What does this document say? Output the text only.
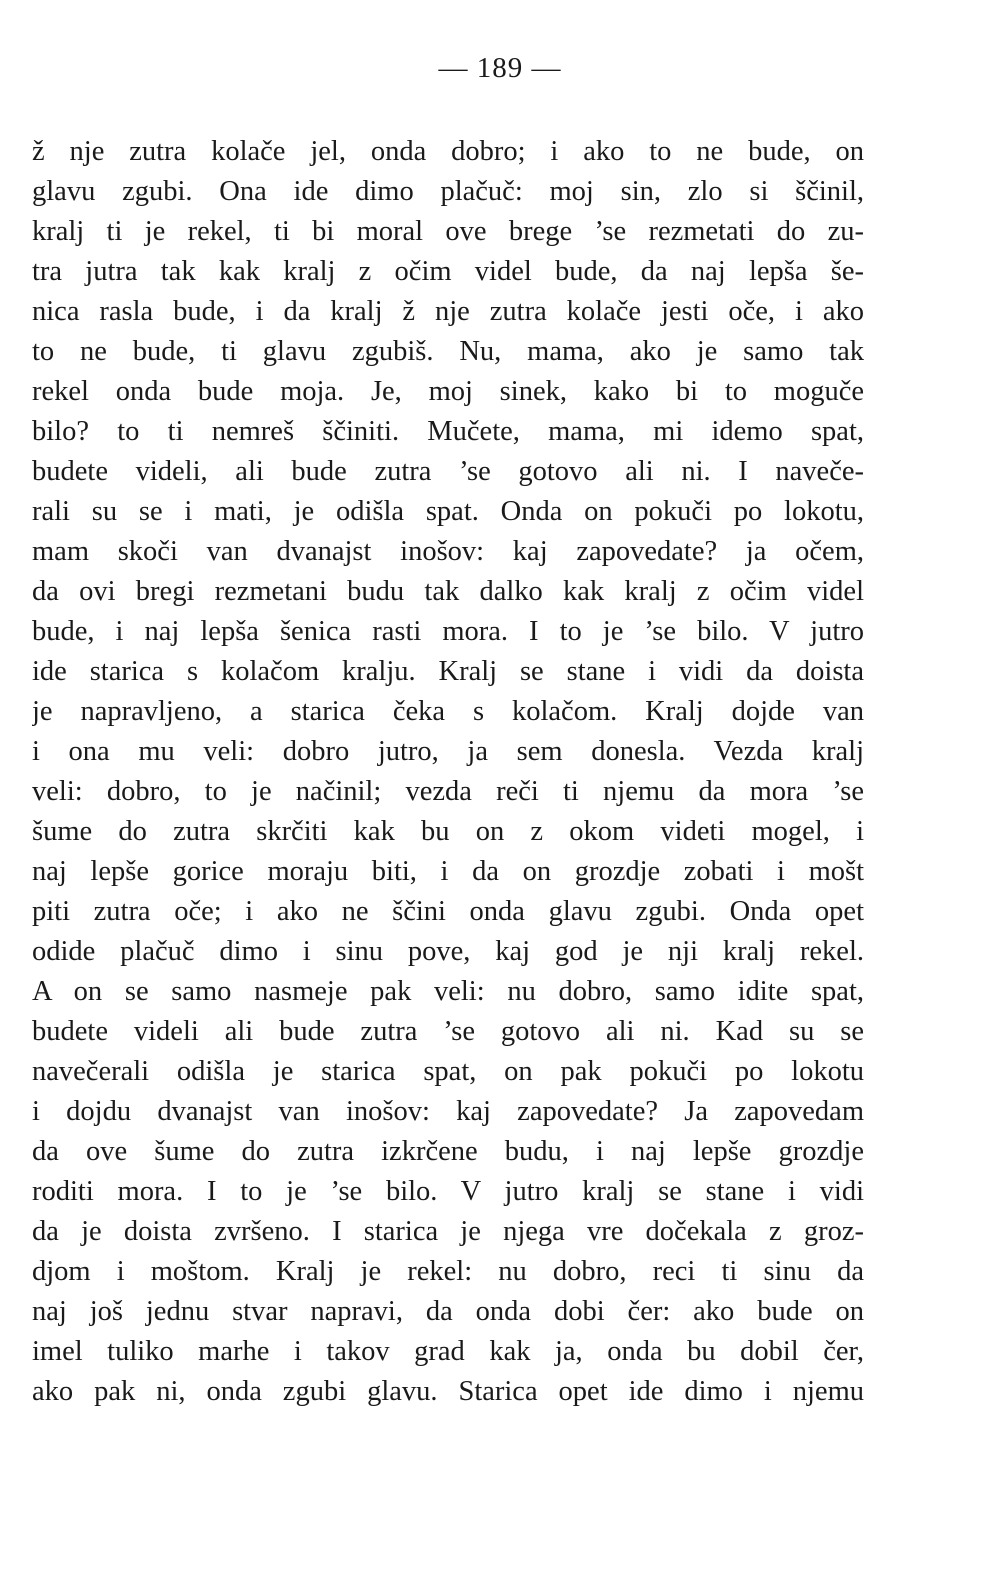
— 189 —
ž nje zutra kolače jel, onda dobro; i ako to ne bude, on
glavu zgubi. Ona ide dimo plačuč: moj sin, zlo si ščinil,
kralj ti je rekel, ti bi moral ove brege ’se rezmetati do zu-
tra jutra tak kak kralj z očim videl bude, da naj lepša še-
nica rasla bude, i da kralj ž nje zutra kolače jesti oče, i ako
to ne bude, ti glavu zgubiš. Nu, mama, ako je samo tak
rekel onda bude moja. Je, moj sinek, kako bi to moguče
bilo? to ti nemreš ščiniti. Mučete, mama, mi idemo spat,
budete videli, ali bude zutra ’se gotovo ali ni. I naveče-
rali su se i mati, je odišla spat. Onda on pokuči po lokotu,
mam skoči van dvanajst inošov: kaj zapovedate? ja očem,
da ovi bregi rezmetani budu tak dalko kak kralj z očim videl
bude, i naj lepša šenica rasti mora. I to je ’se bilo. V jutro
ide starica s kolačom kralju. Kralj se stane i vidi da doista
je napravljeno, a starica čeka s kolačom. Kralj dojde van
i ona mu veli: dobro jutro, ja sem donesla. Vezda kralj
veli: dobro, to je načinil; vezda reči ti njemu da mora ’se
šume do zutra skrčiti kak bu on z okom videti mogel, i
naj lepše gorice moraju biti, i da on grozdje zobati i mošt
piti zutra oče; i ako ne ščini onda glavu zgubi. Onda opet
odide plačuč dimo i sinu pove, kaj god je nji kralj rekel.
A on se samo nasmeje pak veli: nu dobro, samo idite spat,
budete videli ali bude zutra ’se gotovo ali ni. Kad su se
navečerali odišla je starica spat, on pak pokuči po lokotu
i dojdu dvanajst van inošov: kaj zapovedate? Ja zapovedam
da ove šume do zutra izkrčene budu, i naj lepše grozdje
roditi mora. I to je ’se bilo. V jutro kralj se stane i vidi
da je doista zvršeno. I starica je njega vre dočekala z groz-
djom i moštom. Kralj je rekel: nu dobro, reci ti sinu da
naj još jednu stvar napravi, da onda dobi čer: ako bude on
imel tuliko marhe i takov grad kak ja, onda bu dobil čer,
ako pak ni, onda zgubi glavu. Starica opet ide dimo i njemu
